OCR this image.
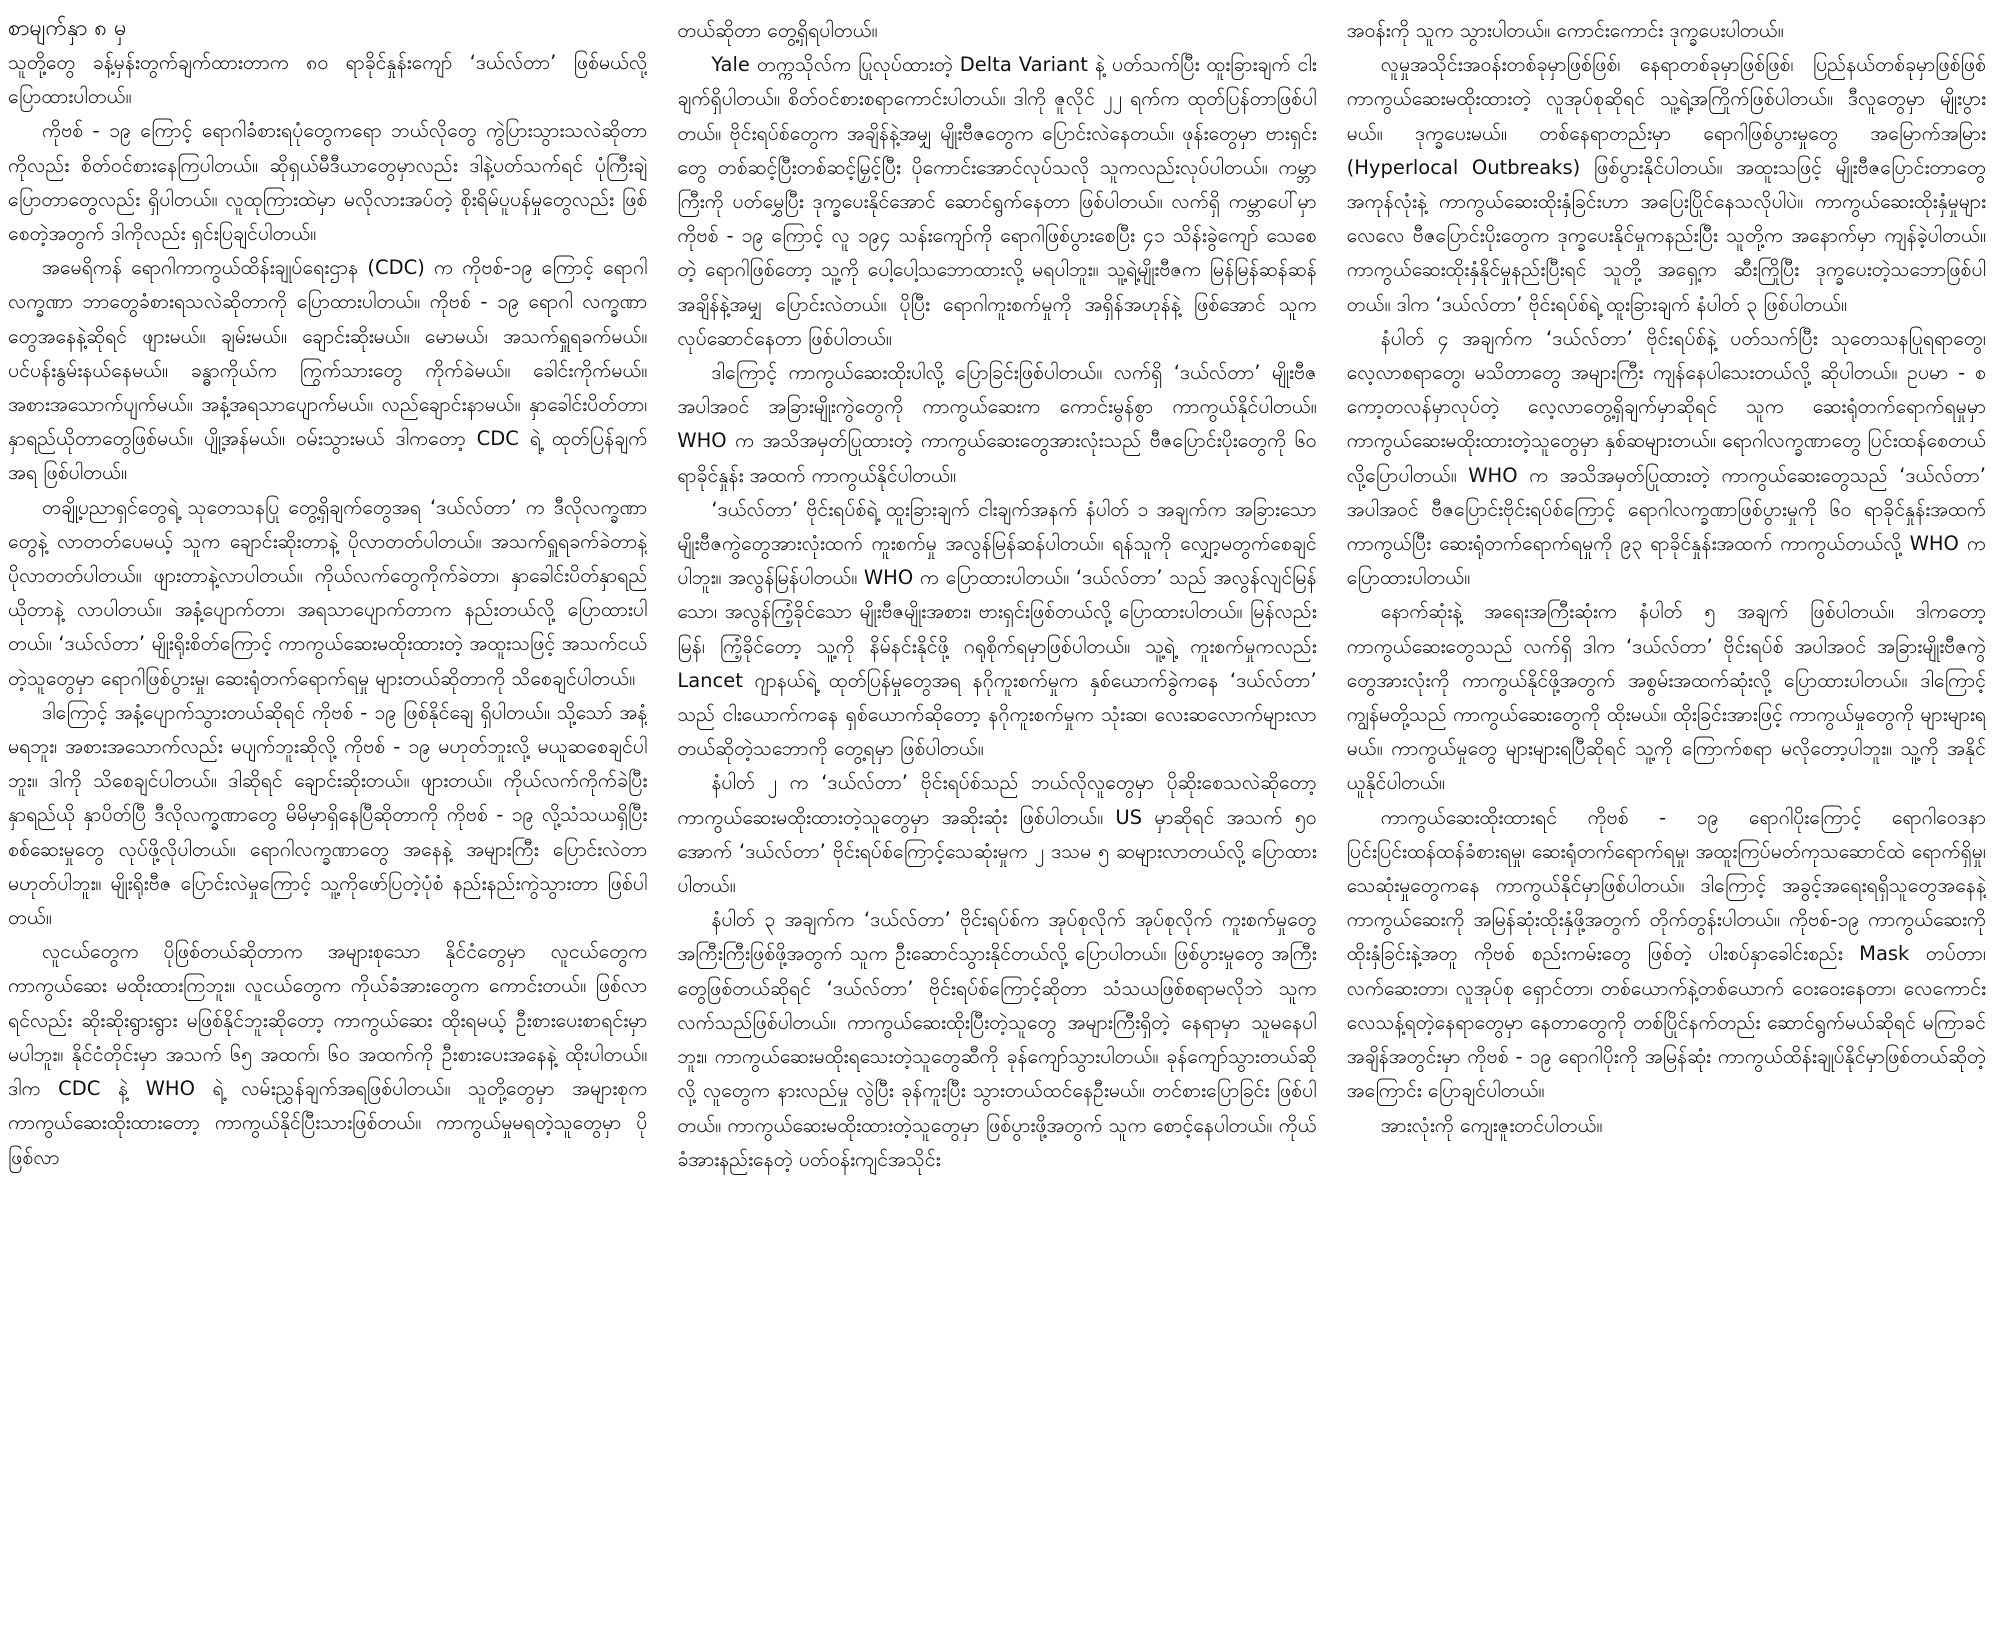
စာမျက်နှာ ၈ မှ

သူတို့တွေ ခန့်မှန်းတွက်ချက်ထားတာက ၈၀ ရာခိုင်နှုန်းကျော် ‘ဒယ်လ်တာ’ ဖြစ်မယ်လို့ပြောထားပါတယ်။

ကိုဗစ် - ၁၉ ကြောင့် ရောဂါခံစားရပုံတွေကရော ဘယ်လိုတွေ ကွဲပြားသွားသလဲဆိုတာကိုလည်း စိတ်ဝင်စားနေကြပါတယ်။ ဆိုရှယ်မီဒီယာတွေမှာလည်း ဒါနဲ့ပတ်သက်ရင် ပုံကြီးချဲ့ပြောတာတွေလည်း ရှိပါတယ်။ လူထုကြားထဲမှာ မလိုလားအပ်တဲ့ စိုးရိမ်ပူပန်မှုတွေလည်း ဖြစ်စေတဲ့အတွက် ဒါကိုလည်း ရှင်းပြချင်ပါတယ်။

အမေရိကန် ရောဂါကာကွယ်ထိန်းချုပ်ရေးဌာန (CDC) က ကိုဗစ်-၁၉ ကြောင့် ရောဂါလက္ခဏာ ဘာတွေခံစားရသလဲဆိုတာကို ပြောထားပါတယ်။ ကိုဗစ် - ၁၉ ရောဂါ လက္ခဏာတွေအနေနဲ့ဆိုရင် ဖျားမယ်။ ချမ်းမယ်။ ချောင်းဆိုးမယ်။ မောမယ်၊ အသက်ရှူရခက်မယ်။ ပင်ပန်းနွမ်းနယ်နေမယ်။ ခန္ဓာကိုယ်က ကြွက်သားတွေ ကိုက်ခဲမယ်။ ခေါင်းကိုက်မယ်။ အစားအသောက်ပျက်မယ်။ အနံ့အရသာပျောက်မယ်။ လည်ချောင်းနာမယ်။ နှာခေါင်းပိတ်တာ၊ နှာရည်ယိုတာတွေဖြစ်မယ်။ ပျို့အန်မယ်။ ဝမ်းသွားမယ် ဒါကတော့ CDC ရဲ့ ထုတ်ပြန်ချက်အရ ဖြစ်ပါတယ်။

တချို့ပညာရှင်တွေရဲ့ သုတေသနပြု တွေ့ရှိချက်တွေအရ ‘ဒယ်လ်တာ’ က ဒီလိုလက္ခဏာတွေနဲ့ လာတတ်ပေမယ့် သူက ချောင်းဆိုးတာနဲ့ ပိုလာတတ်ပါတယ်။ အသက်ရှူရခက်ခဲတာနဲ့ ပိုလာတတ်ပါတယ်။ ဖျားတာနဲ့လာပါတယ်။ ကိုယ်လက်တွေကိုက်ခဲတာ၊ နှာခေါင်းပိတ်နှာရည်ယိုတာနဲ့ လာပါတယ်။ အနံ့ပျောက်တာ၊ အရသာပျောက်တာက နည်းတယ်လို့ ပြောထားပါတယ်။ ‘ဒယ်လ်တာ’ မျိုးရိုးစိတ်ကြောင့် ကာကွယ်ဆေးမထိုးထားတဲ့ အထူးသဖြင့် အသက်ငယ်တဲ့သူတွေမှာ ရောဂါဖြစ်ပွားမှု၊ ဆေးရုံတက်ရောက်ရမှု များတယ်ဆိုတာကို သိစေချင်ပါတယ်။

ဒါကြောင့် အနံ့ပျောက်သွားတယ်ဆိုရင် ကိုဗစ် - ၁၉ ဖြစ်နိုင်ချေ ရှိပါတယ်။ သို့သော် အနံ့မရဘူး၊ အစားအသောက်လည်း မပျက်ဘူးဆိုလို့ ကိုဗစ် - ၁၉ မဟုတ်ဘူးလို့ မယူဆစေချင်ပါဘူး။ ဒါကို သိစေချင်ပါတယ်။ ဒါဆိုရင် ချောင်းဆိုးတယ်။ ဖျားတယ်။ ကိုယ်လက်ကိုက်ခဲပြီး နှာရည်ယို နှာပိတ်ပြီ ဒီလိုလက္ခဏာတွေ မိမိမှာရှိနေပြီဆိုတာကို ကိုဗစ် - ၁၉ လို့သံသယရှိပြီး စစ်ဆေးမှုတွေ လုပ်ဖို့လိုပါတယ်။ ရောဂါလက္ခဏာတွေ အနေနဲ့ အများကြီး ပြောင်းလဲတာမဟုတ်ပါဘူး။ မျိုးရိုးဗီဇ ပြောင်းလဲမှုကြောင့် သူ့ကိုဖော်ပြတဲ့ပုံစံ နည်းနည်းကွဲသွားတာ ဖြစ်ပါတယ်။

လူငယ်တွေက ပိုဖြစ်တယ်ဆိုတာက အများစုသော နိုင်ငံတွေမှာ လူငယ်တွေက ကာကွယ်ဆေး မထိုးထားကြဘူး။ လူငယ်တွေက ကိုယ်ခံအားတွေက ကောင်းတယ်။ ဖြစ်လာရင်လည်း ဆိုးဆိုးရွားရွား မဖြစ်နိုင်ဘူးဆိုတော့ ကာကွယ်ဆေး ထိုးရမယ့် ဦးစားပေးစာရင်းမှာ မပါဘူး။ နိုင်ငံတိုင်းမှာ အသက် ၆၅ အထက်၊ ၆၀ အထက်ကို ဦးစားပေးအနေနဲ့ ထိုးပါတယ်။ ဒါက CDC နဲ့ WHO ရဲ့ လမ်းညွှန်ချက်အရဖြစ်ပါတယ်။ သူတို့တွေမှာ အများစုက ကာကွယ်ဆေးထိုးထားတော့ ကာကွယ်နိုင်ပြီးသားဖြစ်တယ်။ ကာကွယ်မှုမရတဲ့သူတွေမှာ ပိုဖြစ်လာ

တယ်ဆိုတာ တွေ့ရှိရပါတယ်။

Yale တက္ကသိုလ်က ပြုလုပ်ထားတဲ့ Delta Variant နဲ့ ပတ်သက်ပြီး ထူးခြားချက် ငါးချက်ရှိပါတယ်။ စိတ်ဝင်စားစရာကောင်းပါတယ်။ ဒါကို ဇူလိုင် ၂၂ ရက်က ထုတ်ပြန်တာဖြစ်ပါတယ်။ ဗိုင်းရပ်စ်တွေက အချိန်နဲ့အမျှ မျိုးဗီဇတွေက ပြောင်းလဲနေတယ်။ ဖုန်းတွေမှာ ဗားရှင်းတွေ တစ်ဆင့်ပြီးတစ်ဆင့်မြှင့်ပြီး ပိုကောင်းအောင်လုပ်သလို သူကလည်းလုပ်ပါတယ်။ ကမ္ဘာကြီးကို ပတ်မွှေပြီး ဒုက္ခပေးနိုင်အောင် ဆောင်ရွက်နေတာ ဖြစ်ပါတယ်။ လက်ရှိ ကမ္ဘာပေါ်မှာ ကိုဗစ် - ၁၉ ကြောင့် လူ ၁၉၄ သန်းကျော်ကို ရောဂါဖြစ်ပွားစေပြီး ၄၁ သိန်းခွဲကျော် သေစေတဲ့ ရောဂါဖြစ်တော့ သူ့ကို ပေါ့ပေါ့သဘောထားလို့ မရပါဘူး။ သူ့ရဲ့မျိုးဗီဇက မြန်မြန်ဆန်ဆန် အချိန်နဲ့အမျှ ပြောင်းလဲတယ်။ ပိုပြီး ရောဂါကူးစက်မှုကို အရှိန်အဟုန်နဲ့ ဖြစ်အောင် သူက လုပ်ဆောင်နေတာ ဖြစ်ပါတယ်။

ဒါကြောင့် ကာကွယ်ဆေးထိုးပါလို့ ပြောခြင်းဖြစ်ပါတယ်။ လက်ရှိ ‘ဒယ်လ်တာ’ မျိုးဗီဇအပါအဝင် အခြားမျိုးကွဲတွေကို ကာကွယ်ဆေးက ကောင်းမွန်စွာ ကာကွယ်နိုင်ပါတယ်။ WHO က အသိအမှတ်ပြုထားတဲ့ ကာကွယ်ဆေးတွေအားလုံးသည် ဗီဇပြောင်းပိုးတွေကို ၆၀ ရာခိုင်နှုန်း အထက် ကာကွယ်နိုင်ပါတယ်။

‘ဒယ်လ်တာ’ ဗိုင်းရပ်စ်ရဲ့ ထူးခြားချက် ငါးချက်အနက် နံပါတ် ၁ အချက်က အခြားသော မျိုးဗီဇကွဲတွေအားလုံးထက် ကူးစက်မှု အလွန်မြန်ဆန်ပါတယ်။ ရန်သူကို လျှော့မတွက်စေချင်ပါဘူး။ အလွန်မြန်ပါတယ်။ WHO က ပြောထားပါတယ်။ ‘ဒယ်လ်တာ’ သည် အလွန်လျင်မြန်သော၊ အလွန်ကြံ့ခိုင်သော မျိုးဗီဇမျိုးအစား၊ ဗားရှင်းဖြစ်တယ်လို့ ပြောထားပါတယ်။ မြန်လည်းမြန်၊ ကြံ့ခိုင်တော့ သူ့ကို နိမ်နင်းနိုင်ဖို့ ဂရုစိုက်ရမှာဖြစ်ပါတယ်။ သူ့ရဲ့ ကူးစက်မှုကလည်း Lancet ဂျာနယ်ရဲ့ ထုတ်ပြန်မှုတွေအရ နဂိုကူးစက်မှုက နှစ်ယောက်ခွဲကနေ ‘ဒယ်လ်တာ’ သည် ငါးယောက်ကနေ ရှစ်ယောက်ဆိုတော့ နဂိုကူးစက်မှုက သုံးဆ၊ လေးဆလောက်များလာတယ်ဆိုတဲ့သဘောကို တွေ့ရမှာ ဖြစ်ပါတယ်။

နံပါတ် ၂ က ‘ဒယ်လ်တာ’ ဗိုင်းရပ်စ်သည် ဘယ်လိုလူတွေမှာ ပိုဆိုးစေသလဲဆိုတော့ ကာကွယ်ဆေးမထိုးထားတဲ့သူတွေမှာ အဆိုးဆုံး ဖြစ်ပါတယ်။ US မှာဆိုရင် အသက် ၅၀ အောက် ‘ဒယ်လ်တာ’ ဗိုင်းရပ်စ်ကြောင့်သေဆုံးမှုက ၂ ဒသမ ၅ ဆများလာတယ်လို့ ပြောထားပါတယ်။

နံပါတ် ၃ အချက်က ‘ဒယ်လ်တာ’ ဗိုင်းရပ်စ်က အုပ်စုလိုက် အုပ်စုလိုက် ကူးစက်မှုတွေ အကြီးကြီးဖြစ်ဖို့အတွက် သူက ဦးဆောင်သွားနိုင်တယ်လို့ ပြောပါတယ်။ ဖြစ်ပွားမှုတွေ အကြီးတွေဖြစ်တယ်ဆိုရင် ‘ဒယ်လ်တာ’ ဗိုင်းရပ်စ်ကြောင့်ဆိုတာ သံသယဖြစ်စရာမလိုဘဲ သူက လက်သည်ဖြစ်ပါတယ်။ ကာကွယ်ဆေးထိုးပြီးတဲ့သူတွေ အများကြီးရှိတဲ့ နေရာမှာ သူမနေပါဘူး။ ကာကွယ်ဆေးမထိုးရသေးတဲ့သူတွေဆီကို ခုန်ကျော်သွားပါတယ်။ ခုန်ကျော်သွားတယ်ဆိုလို့ လူတွေက နားလည်မှု လွဲပြီး ခုန်ကူးပြီး သွားတယ်ထင်နေဦးမယ်။ တင်စားပြောခြင်း ဖြစ်ပါတယ်။ ကာကွယ်ဆေးမထိုးထားတဲ့သူတွေမှာ ဖြစ်ပွားဖို့အတွက် သူက စောင့်နေပါတယ်။ ကိုယ်ခံအားနည်းနေတဲ့ ပတ်ဝန်းကျင်အသိုင်း

အဝန်းကို သူက သွားပါတယ်။ ကောင်းကောင်း ဒုက္ခပေးပါတယ်။

လူမှုအသိုင်းအဝန်းတစ်ခုမှာဖြစ်ဖြစ်၊ နေရာတစ်ခုမှာဖြစ်ဖြစ်၊ ပြည်နယ်တစ်ခုမှာဖြစ်ဖြစ် ကာကွယ်ဆေးမထိုးထားတဲ့ လူအုပ်စုဆိုရင် သူ့ရဲ့အကြိုက်ဖြစ်ပါတယ်။ ဒီလူတွေမှာ မျိုးပွားမယ်။ ဒုက္ခပေးမယ်။ တစ်နေရာတည်းမှာ ရောဂါဖြစ်ပွားမှုတွေ အမြောက်အမြား (Hyperlocal Outbreaks) ဖြစ်ပွားနိုင်ပါတယ်။ အထူးသဖြင့် မျိုးဗီဇပြောင်းတာတွေအကုန်လုံးနဲ့ ကာကွယ်ဆေးထိုးနှံခြင်းဟာ အပြေးပြိုင်နေသလိုပါပဲ။ ကာကွယ်ဆေးထိုးနှံမှုများလေလေ ဗီဇပြောင်းပိုးတွေက ဒုက္ခပေးနိုင်မှုကနည်းပြီး သူတို့က အနောက်မှာ ကျန်ခဲ့ပါတယ်။ ကာကွယ်ဆေးထိုးနှံနိုင်မှုနည်းပြီးရင် သူတို့ အရှေ့က ဆီးကြိုပြီး ဒုက္ခပေးတဲ့သဘောဖြစ်ပါတယ်။ ဒါက ‘ဒယ်လ်တာ’ ဗိုင်းရပ်စ်ရဲ့ ထူးခြားချက် နံပါတ် ၃ ဖြစ်ပါတယ်။

နံပါတ် ၄ အချက်က ‘ဒယ်လ်တာ’ ဗိုင်းရပ်စ်နဲ့ ပတ်သက်ပြီး သုတေသနပြုရရာတွေ၊ လေ့လာစရာတွေ၊ မသိတာတွေ အများကြီး ကျန်နေပါသေးတယ်လို့ ဆိုပါတယ်။ ဥပမာ - စကော့တလန်မှာလုပ်တဲ့ လေ့လာတွေ့ရှိချက်မှာဆိုရင် သူက ဆေးရုံတက်ရောက်ရမှုမှာ ကာကွယ်ဆေးမထိုးထားတဲ့သူတွေမှာ နှစ်ဆများတယ်။ ရောဂါလက္ခဏာတွေ ပြင်းထန်စေတယ်လို့ပြောပါတယ်။ WHO က အသိအမှတ်ပြုထားတဲ့ ကာကွယ်ဆေးတွေသည် ‘ဒယ်လ်တာ’ အပါအဝင် ဗီဇပြောင်းဗိုင်းရပ်စ်ကြောင့် ရောဂါလက္ခဏာဖြစ်ပွားမှုကို ၆၀ ရာခိုင်နှုန်းအထက် ကာကွယ်ပြီး ဆေးရုံတက်ရောက်ရမှုကို ၉၃ ရာခိုင်နှုန်းအထက် ကာကွယ်တယ်လို့ WHO က ပြောထားပါတယ်။

နောက်ဆုံးနဲ့ အရေးအကြီးဆုံးက နံပါတ် ၅ အချက် ဖြစ်ပါတယ်။ ဒါကတော့ ကာကွယ်ဆေးတွေသည် လက်ရှိ ဒါက ‘ဒယ်လ်တာ’ ဗိုင်းရပ်စ် အပါအဝင် အခြားမျိုးဗီဇကွဲတွေအားလုံးကို ကာကွယ်နိုင်ဖို့အတွက် အစွမ်းအထက်ဆုံးလို့ ပြောထားပါတယ်။ ဒါကြောင့် ကျွန်မတို့သည် ကာကွယ်ဆေးတွေကို ထိုးမယ်။ ထိုးခြင်းအားဖြင့် ကာကွယ်မှုတွေကို များများရမယ်။ ကာကွယ်မှုတွေ များများရပြီဆိုရင် သူ့ကို ကြောက်စရာ မလိုတော့ပါဘူး။ သူ့ကို အနိုင်ယူနိုင်ပါတယ်။

ကာကွယ်ဆေးထိုးထားရင် ကိုဗစ် - ၁၉ ရောဂါပိုးကြောင့် ရောဂါဝေဒနာ ပြင်းပြင်းထန်ထန်ခံစားရမှု၊ ဆေးရုံတက်ရောက်ရမှု၊ အထူးကြပ်မတ်ကုသဆောင်ထဲ ရောက်ရှိမှု၊ သေဆုံးမှုတွေကနေ ကာကွယ်နိုင်မှာဖြစ်ပါတယ်။ ဒါကြောင့် အခွင့်အရေးရရှိသူတွေအနေနဲ့ ကာကွယ်ဆေးကို အမြန်ဆုံးထိုးနှံဖို့အတွက် တိုက်တွန်းပါတယ်။ ကိုဗစ်-၁၉ ကာကွယ်ဆေးကို ထိုးနှံခြင်းနဲ့အတူ ကိုဗစ် စည်းကမ်းတွေ ဖြစ်တဲ့ ပါးစပ်နှာခေါင်းစည်း Mask တပ်တာ၊ လက်ဆေးတာ၊ လူအုပ်စု ရှောင်တာ၊ တစ်ယောက်နဲ့တစ်ယောက် ဝေးဝေးနေတာ၊ လေကောင်း လေသန့်ရတဲ့နေရာတွေမှာ နေတာတွေကို တစ်ပြိုင်နက်တည်း ဆောင်ရွက်မယ်ဆိုရင် မကြာခင်အချိန်အတွင်းမှာ ကိုဗစ် - ၁၉ ရောဂါပိုးကို အမြန်ဆုံး ကာကွယ်ထိန်းချုပ်နိုင်မှာဖြစ်တယ်ဆိုတဲ့ အကြောင်း ပြောချင်ပါတယ်။

အားလုံးကို ကျေးဇူးတင်ပါတယ်။
